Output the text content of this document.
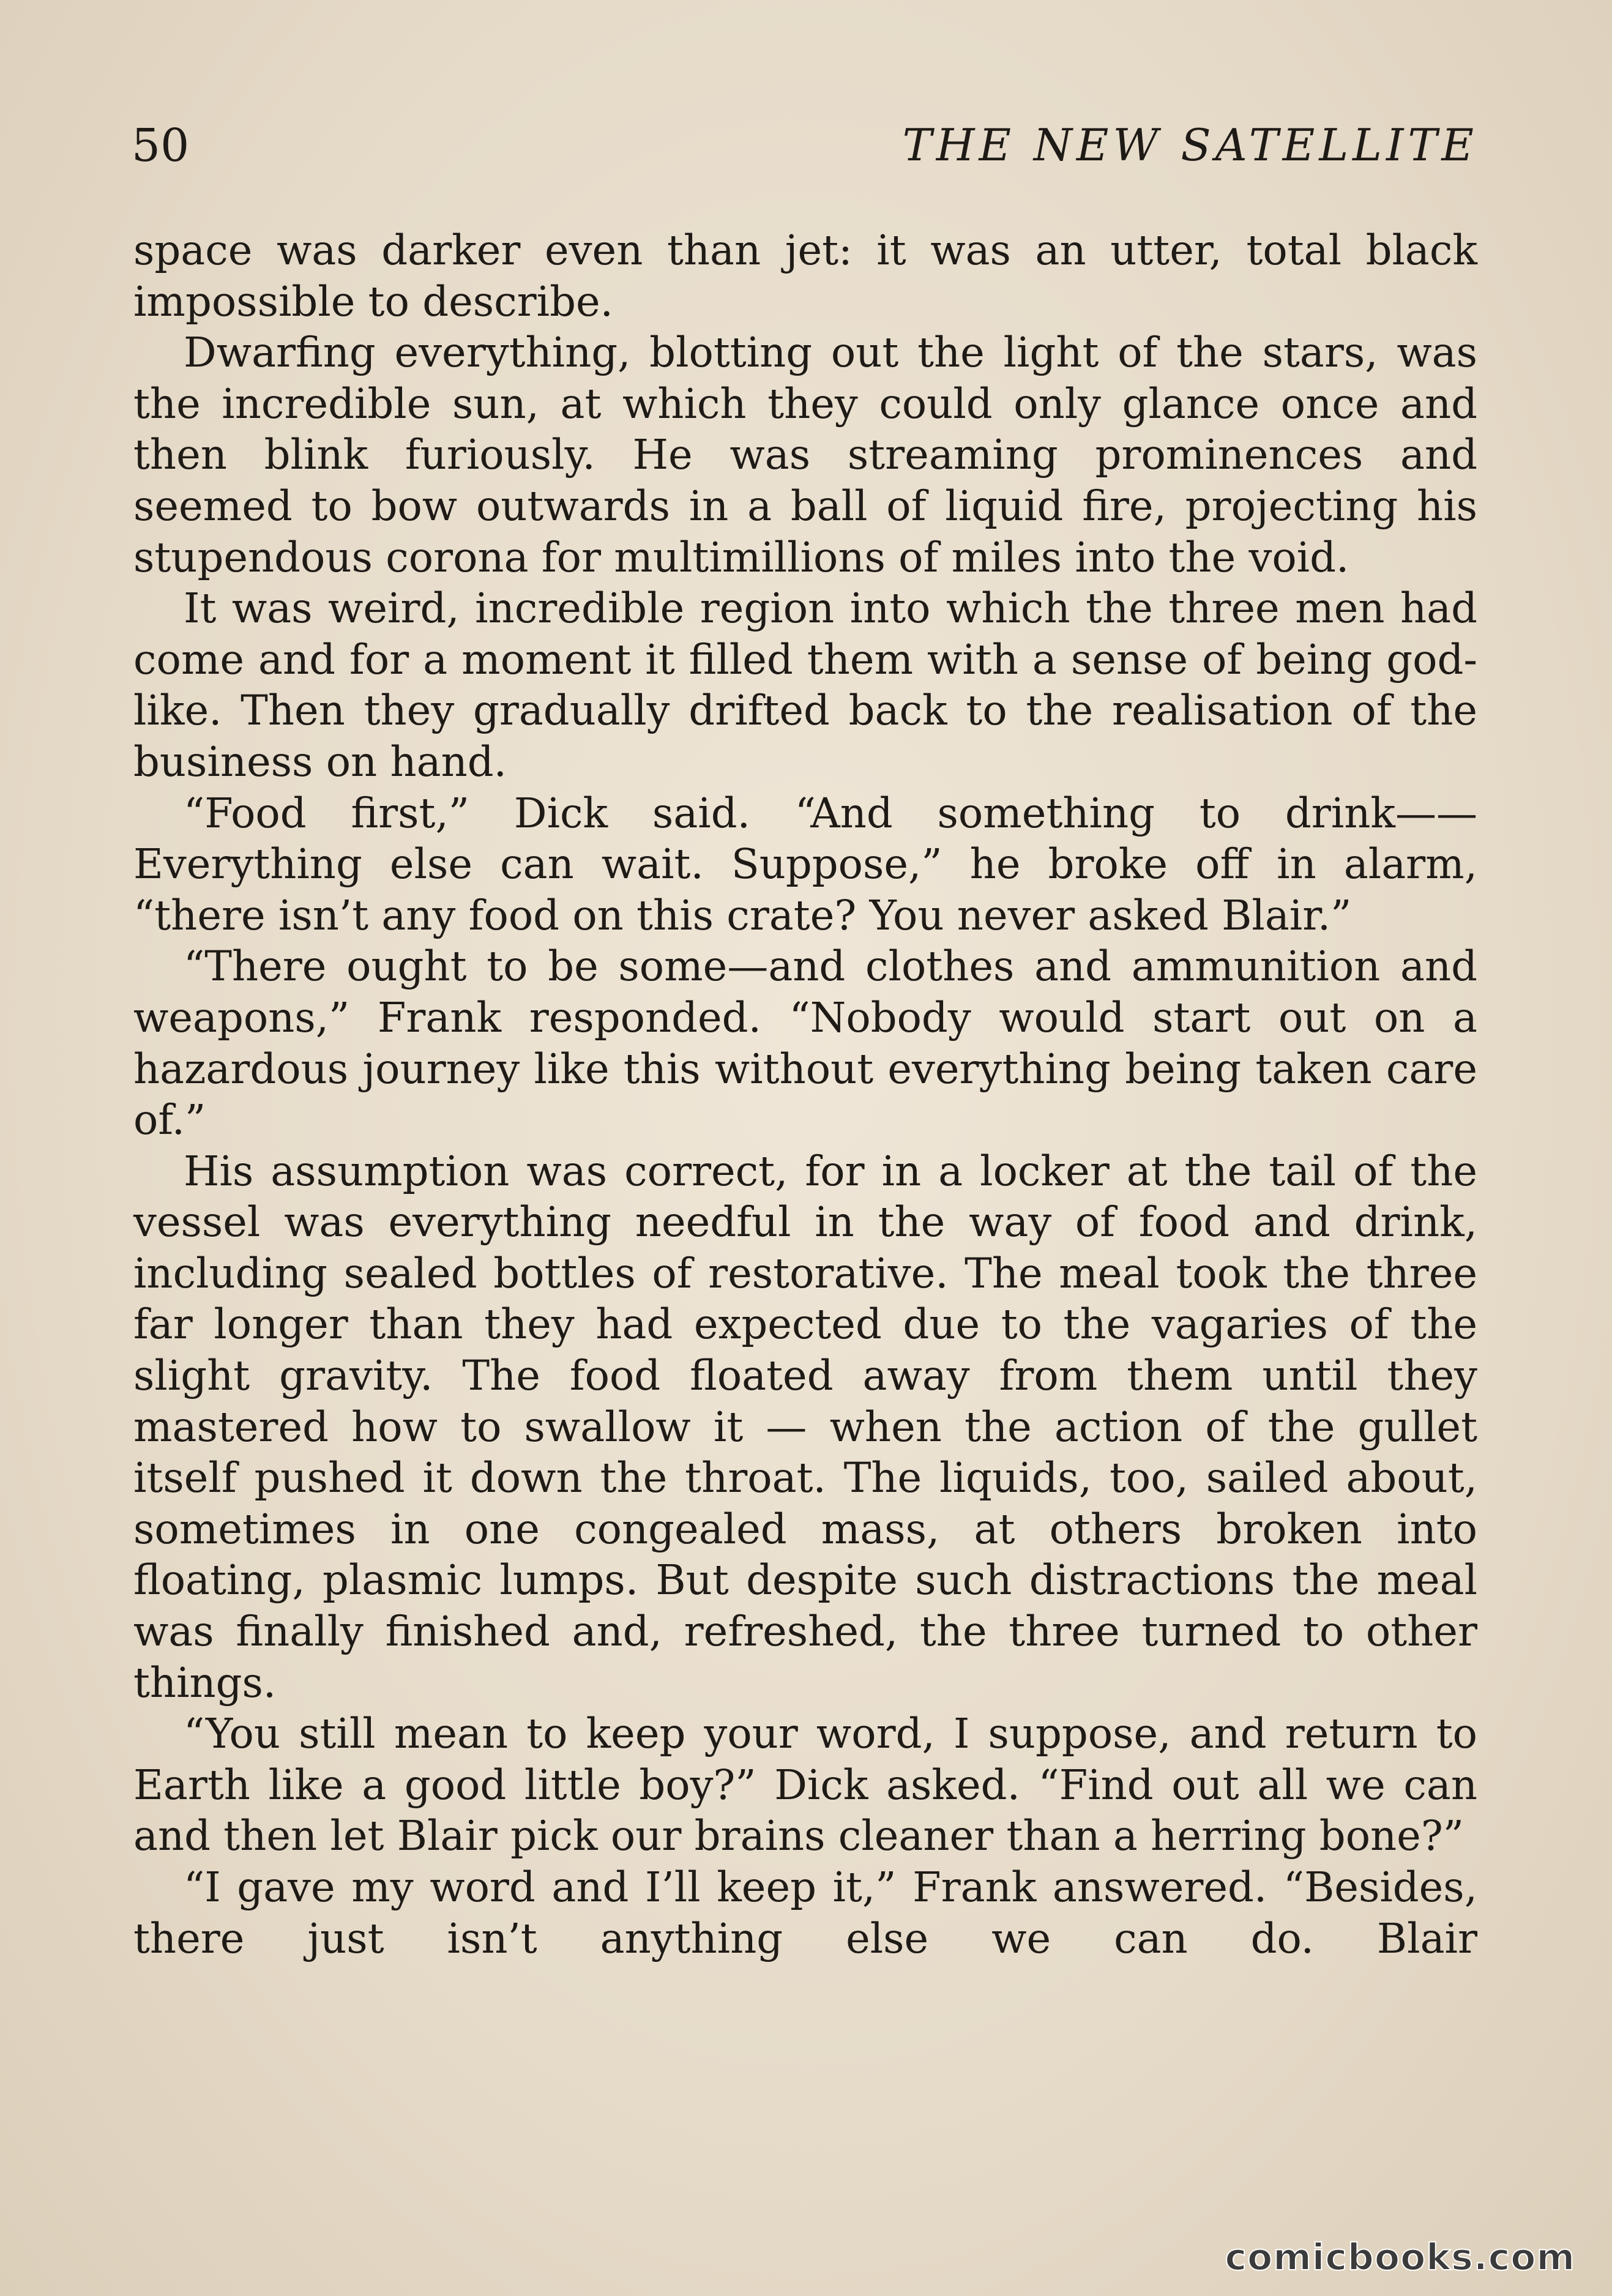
50	THE NEW SATELLITE

space was darker even than jet: it was an utter, total black impossible to describe.

Dwarfing everything, blotting out the light of the stars, was the incredible sun, at which they could only glance once and then blink furiously. He was streaming prominences and seemed to bow outwards in a ball of liquid fire, projecting his stupendous corona for multimillions of miles into the void.

It was weird, incredible region into which the three men had come and for a moment it filled them with a sense of being god-like. Then they gradually drifted back to the realisation of the business on hand.

“Food first,” Dick said. “And something to drink——Everything else can wait. Suppose,” he broke off in alarm, “there isn’t any food on this crate? You never asked Blair.”

“There ought to be some—and clothes and ammunition and weapons,” Frank responded. “Nobody would start out on a hazardous journey like this without everything being taken care of.”

His assumption was correct, for in a locker at the tail of the vessel was everything needful in the way of food and drink, including sealed bottles of restorative. The meal took the three far longer than they had expected due to the vagaries of the slight gravity. The food floated away from them until they mastered how to swallow it — when the action of the gullet itself pushed it down the throat. The liquids, too, sailed about, sometimes in one congealed mass, at others broken into floating, plasmic lumps. But despite such distractions the meal was finally finished and, refreshed, the three turned to other things.

“You still mean to keep your word, I suppose, and return to Earth like a good little boy?” Dick asked. “Find out all we can and then let Blair pick our brains cleaner than a herring bone?”

“I gave my word and I’ll keep it,” Frank answered. “Besides, there just isn’t anything else we can do. Blair

comicbooks.com
